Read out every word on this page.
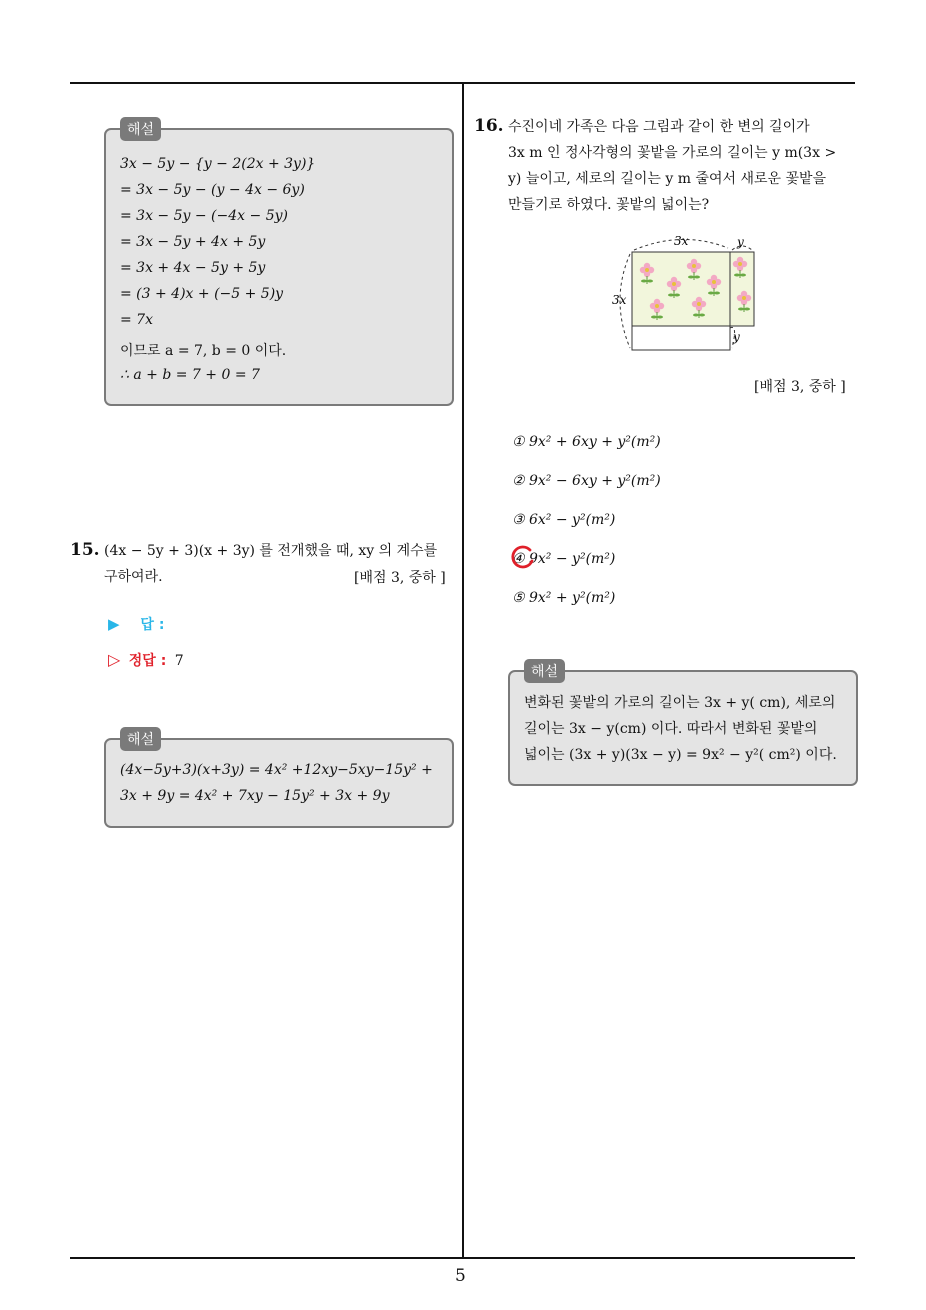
해설
3x − 5y − {y − 2(2x + 3y)}
= 3x − 5y − (y − 4x − 6y)
= 3x − 5y − (−4x − 5y)
= 3x − 5y + 4x + 5y
= 3x + 4x − 5y + 5y
= (3 + 4)x + (−5 + 5)y
= 7x
이므로 a = 7, b = 0 이다.
∴ a + b = 7 + 0 = 7
15. (4x − 5y + 3)(x + 3y) 를 전개했을 때, xy 의 계수를
구하여라.	[배점 3, 중하 ]
▶ 답 :
▷ 정답 : 7
해설
(4x−5y+3)(x+3y) = 4x² +12xy−5xy−15y² +
3x + 9y = 4x² + 7xy − 15y² + 3x + 9y
16. 수진이네 가족은 다음 그림과 같이 한 변의 길이가
3x m 인 정사각형의 꽃밭을 가로의 길이는 y m(3x >
y) 늘이고, 세로의 길이는 y m 줄여서 새로운 꽃밭을
만들기로 하였다. 꽃밭의 넓이는?
3x
3x
y
y
[배점 3, 중하 ]
① 9x² + 6xy + y²(m²)
② 9x² − 6xy + y²(m²)
③ 6x² − y²(m²)
④ 9x² − y²(m²)
⑤ 9x² + y²(m²)
해설
변화된 꽃밭의 가로의 길이는 3x + y( cm), 세로의
길이는 3x − y(cm) 이다. 따라서 변화된 꽃밭의
넓이는 (3x + y)(3x − y) = 9x² − y²( cm²) 이다.
5
